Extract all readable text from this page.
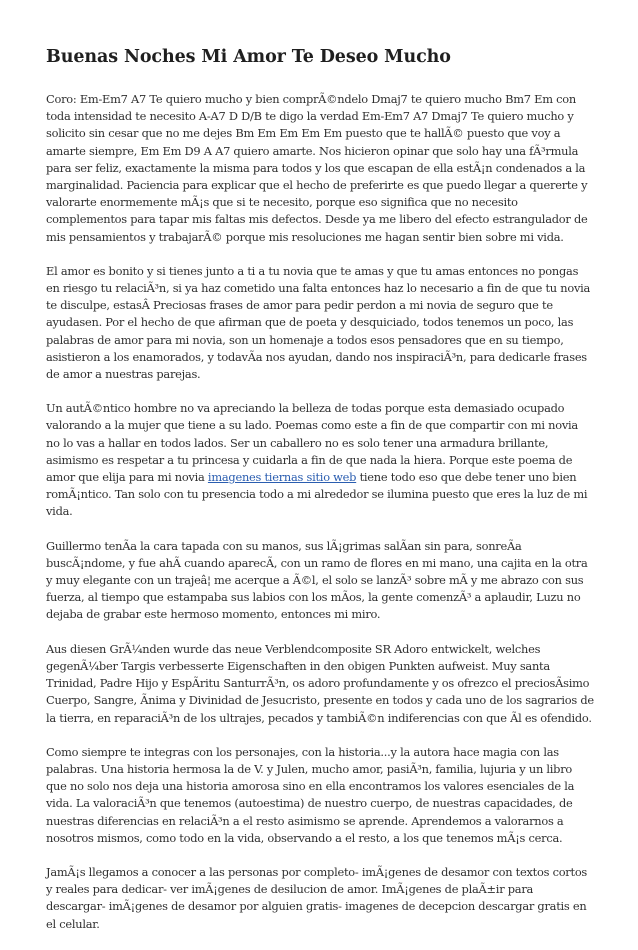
Buenas Noches Mi Amor Te Deseo Mucho

Coro: Em-Em7 A7 Te quiero mucho y bien comprÃ©ndelo Dmaj7 te quiero mucho Bm7 Em con toda intensidad te necesito A-A7 D D/B te digo la verdad Em-Em7 A7 Dmaj7 Te quiero mucho y solicito sin cesar que no me dejes Bm Em Em Em Em puesto que te hallÃ© puesto que voy a amarte siempre, Em Em D9 A A7 quiero amarte. Nos hicieron opinar que solo hay una fÃ³rmula para ser feliz, exactamente la misma para todos y los que escapan de ella estÃ¡n condenados a la marginalidad. Paciencia para explicar que el hecho de preferirte es que puedo llegar a quererte y valorarte enormemente mÃ¡s que si te necesito, porque eso significa que no necesito complementos para tapar mis faltas mis defectos. Desde ya me libero del efecto estrangulador de mis pensamientos y trabajarÃ© porque mis resoluciones me hagan sentir bien sobre mi vida.

El amor es bonito y si tienes junto a ti a tu novia que te amas y que tu amas entonces no pongas en riesgo tu relaciÃ³n, si ya haz cometido una falta entonces haz lo necesario a fin de que tu novia te disculpe, estasÂ Preciosas frases de amor para pedir perdon a mi novia de seguro que te ayudasen. Por el hecho de que afirman que de poeta y desquiciado, todos tenemos un poco, las palabras de amor para mi novia, son un homenaje a todos esos pensadores que en su tiempo, asistieron a los enamorados, y todavÃa nos ayudan, dando nos inspiraciÃ³n, para dedicarle frases de amor a nuestras parejas.

Un autÃ©ntico hombre no va apreciando la belleza de todas porque esta demasiado ocupado valorando a la mujer que tiene a su lado. Poemas como este a fin de que compartir con mi novia no lo vas a hallar en todos lados. Ser un caballero no es solo tener una armadura brillante, asimismo es respetar a tu princesa y cuidarla a fin de que nada la hiera. Porque este poema de amor que elija para mi novia imagenes tiernas sitio web tiene todo eso que debe tener uno bien romÃ¡ntico. Tan solo con tu presencia todo a mi alrededor se ilumina puesto que eres la luz de mi vida.

Guillermo tenÃa la cara tapada con su manos, sus lÃ¡grimas salÃan sin para, sonreÃa buscÃ¡ndome, y fue ahÃ cuando aparecÃ, con un ramo de flores en mi mano, una cajita en la otra y muy elegante con un trajeâ¦ me acerque a Ã©l, el solo se lanzÃ³ sobre mÃ y me abrazo con sus fuerza, al tiempo que estampaba sus labios con los mÃos, la gente comenzÃ³ a aplaudir, Luzu no dejaba de grabar este hermoso momento, entonces mi miro.

Aus diesen GrÃ¼nden wurde das neue Verblendcomposite SR Adoro entwickelt, welches gegenÃ¼ber Targis verbesserte Eigenschaften in den obigen Punkten aufweist. Muy santa Trinidad, Padre Hijo y EspÃritu SanturrÃ³n, os adoro profundamente y os ofrezco el preciosÃsimo Cuerpo, Sangre, Ãnima y Divinidad de Jesucristo, presente en todos y cada uno de los sagrarios de la tierra, en reparaciÃ³n de los ultrajes, pecados y tambiÃ©n indiferencias con que Ãl es ofendido.

Como siempre te integras con los personajes, con la historia...y la autora hace magia con las palabras. Una historia hermosa la de V. y Julen, mucho amor, pasiÃ³n, familia, lujuria y un libro que no solo nos deja una historia amorosa sino en ella encontramos los valores esenciales de la vida. La valoraciÃ³n que tenemos (autoestima) de nuestro cuerpo, de nuestras capacidades, de nuestras diferencias en relaciÃ³n a el resto asimismo se aprende. Aprendemos a valorarnos a nosotros mismos, como todo en la vida, observando a el resto, a los que tenemos mÃ¡s cerca.

JamÃ¡s llegamos a conocer a las personas por completo- imÃ¡genes de desamor con textos cortos y reales para dedicar- ver imÃ¡genes de desilucion de amor. ImÃ¡genes de plaÃ±ir para descargar- imÃ¡genes de desamor por alguien gratis- imagenes de decepcion descargar gratis en el celular.
